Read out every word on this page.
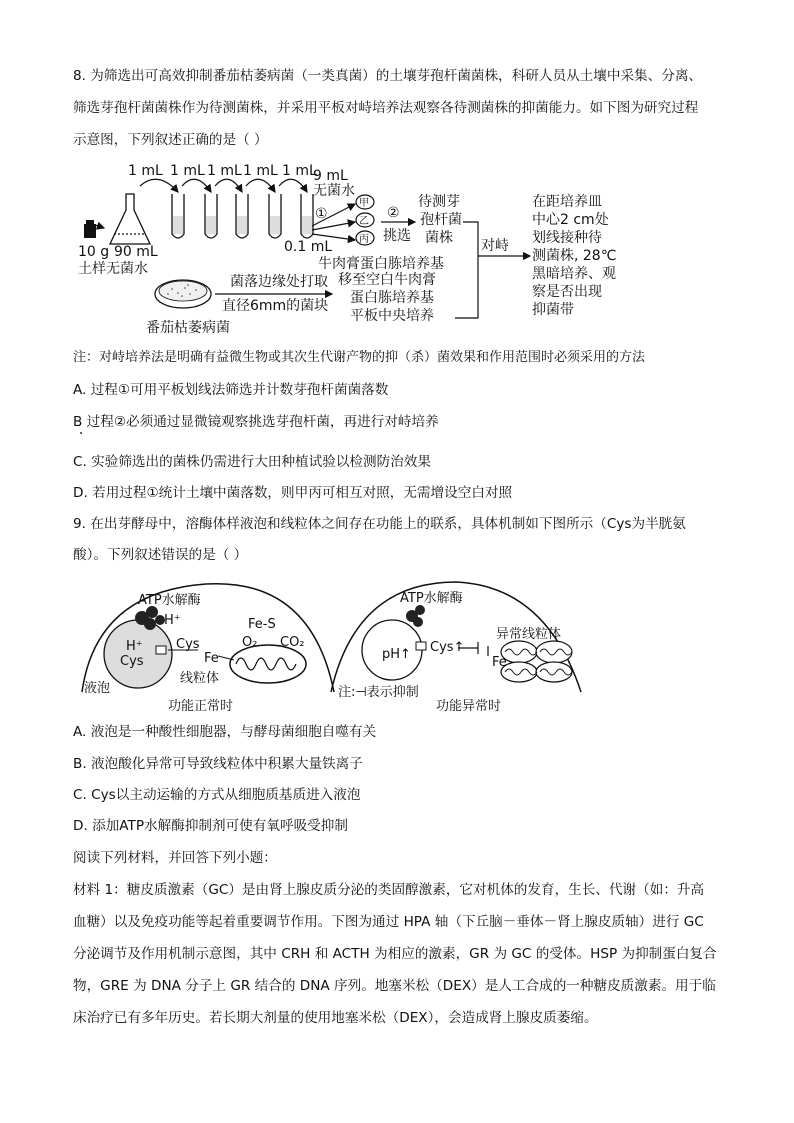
8. 为筛选出可高效抑制番茄枯萎病菌（一类真菌）的土壤芽孢杆菌菌株，科研人员从土壤中采集、分离、
筛选芽孢杆菌菌株作为待测菌株，并采用平板对峙培养法观察各待测菌株的抑菌能力。如下图为研究过程
示意图，下列叙述正确的是（ ）
1 mL 1 mL 1 mL 1 mL 1 mL
9 mL
无菌水
10 g 90 mL
土样无菌水
①
甲
乙
丙
0.1 mL
牛肉膏蛋白胨培养基
②
挑选
待测芽
孢杆菌
菌株 对峙
在距培养皿
中心2 cm处
划线接种待
测菌株, 28℃
黑暗培养、观
察是否出现
抑菌带
菌落边缘处打取
直径6mm的菌块
番茄枯萎病菌
移至空白牛肉膏
蛋白胨培养基
平板中央培养
注：对峙培养法是明确有益微生物或其次生代谢产物的抑（杀）菌效果和作用范围时必须采用的方法
A. 过程①可用平板划线法筛选并计数芽孢杆菌菌落数
B 过程②必须通过显微镜观察挑选芽孢杆菌，再进行对峙培养
C. 实验筛选出的菌株仍需进行大田种植试验以检测防治效果
D. 若用过程①统计土壤中菌落数，则甲丙可相互对照，无需增设空白对照
9. 在出芽酵母中，溶酶体样液泡和线粒体之间存在功能上的联系，具体机制如下图所示（Cys为半胱氨
酸）。下列叙述错误的是（ ）
ATP水解酶
H⁺
H⁺
Cys
Cys
Fe
Fe-S
O₂ CO₂
线粒体
液泡
功能正常时
ATP水解酶
pH↑ Cys↑
异常线粒体
Fe
注:⊣表示抑制
功能异常时
A. 液泡是一种酸性细胞器，与酵母菌细胞自噬有关
B. 液泡酸化异常可导致线粒体中积累大量铁离子
C. Cys以主动运输的方式从细胞质基质进入液泡
D. 添加ATP水解酶抑制剂可使有氧呼吸受抑制
阅读下列材料，并回答下列小题：
材料 1：糖皮质激素（GC）是由肾上腺皮质分泌的类固醇激素，它对机体的发育，生长、代谢（如：升高
血糖）以及免疫功能等起着重要调节作用。下图为通过 HPA 轴（下丘脑－垂体－肾上腺皮质轴）进行 GC
分泌调节及作用机制示意图，其中 CRH 和 ACTH 为相应的激素，GR 为 GC 的受体。HSP 为抑制蛋白复合
物，GRE 为 DNA 分子上 GR 结合的 DNA 序列。地塞米松（DEX）是人工合成的一种糖皮质激素。用于临
床治疗已有多年历史。若长期大剂量的使用地塞米松（DEX），会造成肾上腺皮质萎缩。
